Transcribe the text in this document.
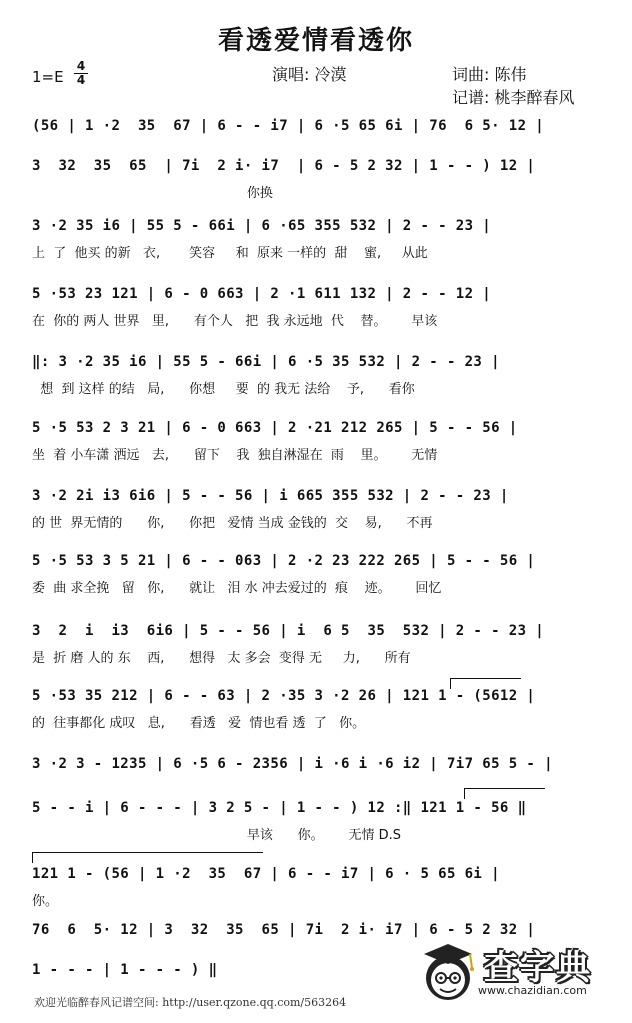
看透爱情看透你
1=E
4
4	演唱: 冷漠	词曲: 陈伟
记谱: 桃李醉春风
(56 | 1 ·2  35  67 | 6 - - i7 | 6 ·5 65 6i | 76  6 5· 12 |
3  32  35  65  | 7i  2 i· i7  | 6 - 5 2 32 | 1 - - ) 12 |
你换
3 ·2 35 i6 | 55 5 - 66i | 6 ·65 355 532 | 2 - - 23 |
上  了  他买 的新   衣,       笑容     和  原来 一样的  甜    蜜,     从此
5 ·53 23 121 | 6 - 0 663 | 2 ·1 611 132 | 2 - - 12 |
在  你的 两人 世界   里,      有个人   把  我 永远地  代    替。      早该
‖: 3 ·2 35 i6 | 55 5 - 66i | 6 ·5 35 532 | 2 - - 23 |
想  到 这样 的结   局,      你想     要  的 我无 法给    予,      看你
5 ·5 53 2 3 21 | 6 - 0 663 | 2 ·21 212 265 | 5 - - 56 |
坐  着 小车潇 洒远   去,      留下    我  独自淋湿在  雨    里。      无情
3 ·2 2i i3 6i6 | 5 - - 56 | i 665 355 532 | 2 - - 23 |
的 世  界无情的      你,      你把   爱情 当成 金钱的  交    易,      不再
5 ·5 53 3 5 21 | 6 - - 063 | 2 ·2 23 222 265 | 5 - - 56 |
委  曲 求全挽   留   你,      就让   泪 水 冲去爱过的  痕    迹。      回忆
3  2  i  i3  6i6 | 5 - - 56 | i  6 5  35  532 | 2 - - 23 |
是  折 磨 人的 东    西,      想得   太 多会  变得 无     力,      所有
5 ·53 35 212 | 6 - - 63 | 2 ·35 3 ·2 26 | 121 1 - (5612 |
的  往事都化 成叹   息,      看透   爱  情也看 透  了   你。
3 ·2 3 - 1235 | 6 ·5 6 - 2356 | i ·6 i ·6 i2 | 7i7 65 5 - |
5 - - i | 6 - - - | 3 2 5 - | 1 - - ) 12 :‖ 121 1 - 56 ‖
早该      你。      无情 D.S
121 1 - (56 | 1 ·2  35  67 | 6 - - i7 | 6 · 5 65 6i |
你。
76  6  5· 12 | 3  32  35  65 | 7i  2 i· i7 | 6 - 5 2 32 |
1 - - - | 1 - - - ) ‖
欢迎光临醉春风记谱空间: http://user.qzone.qq.com/563264
查字典
www.chazidian.com
